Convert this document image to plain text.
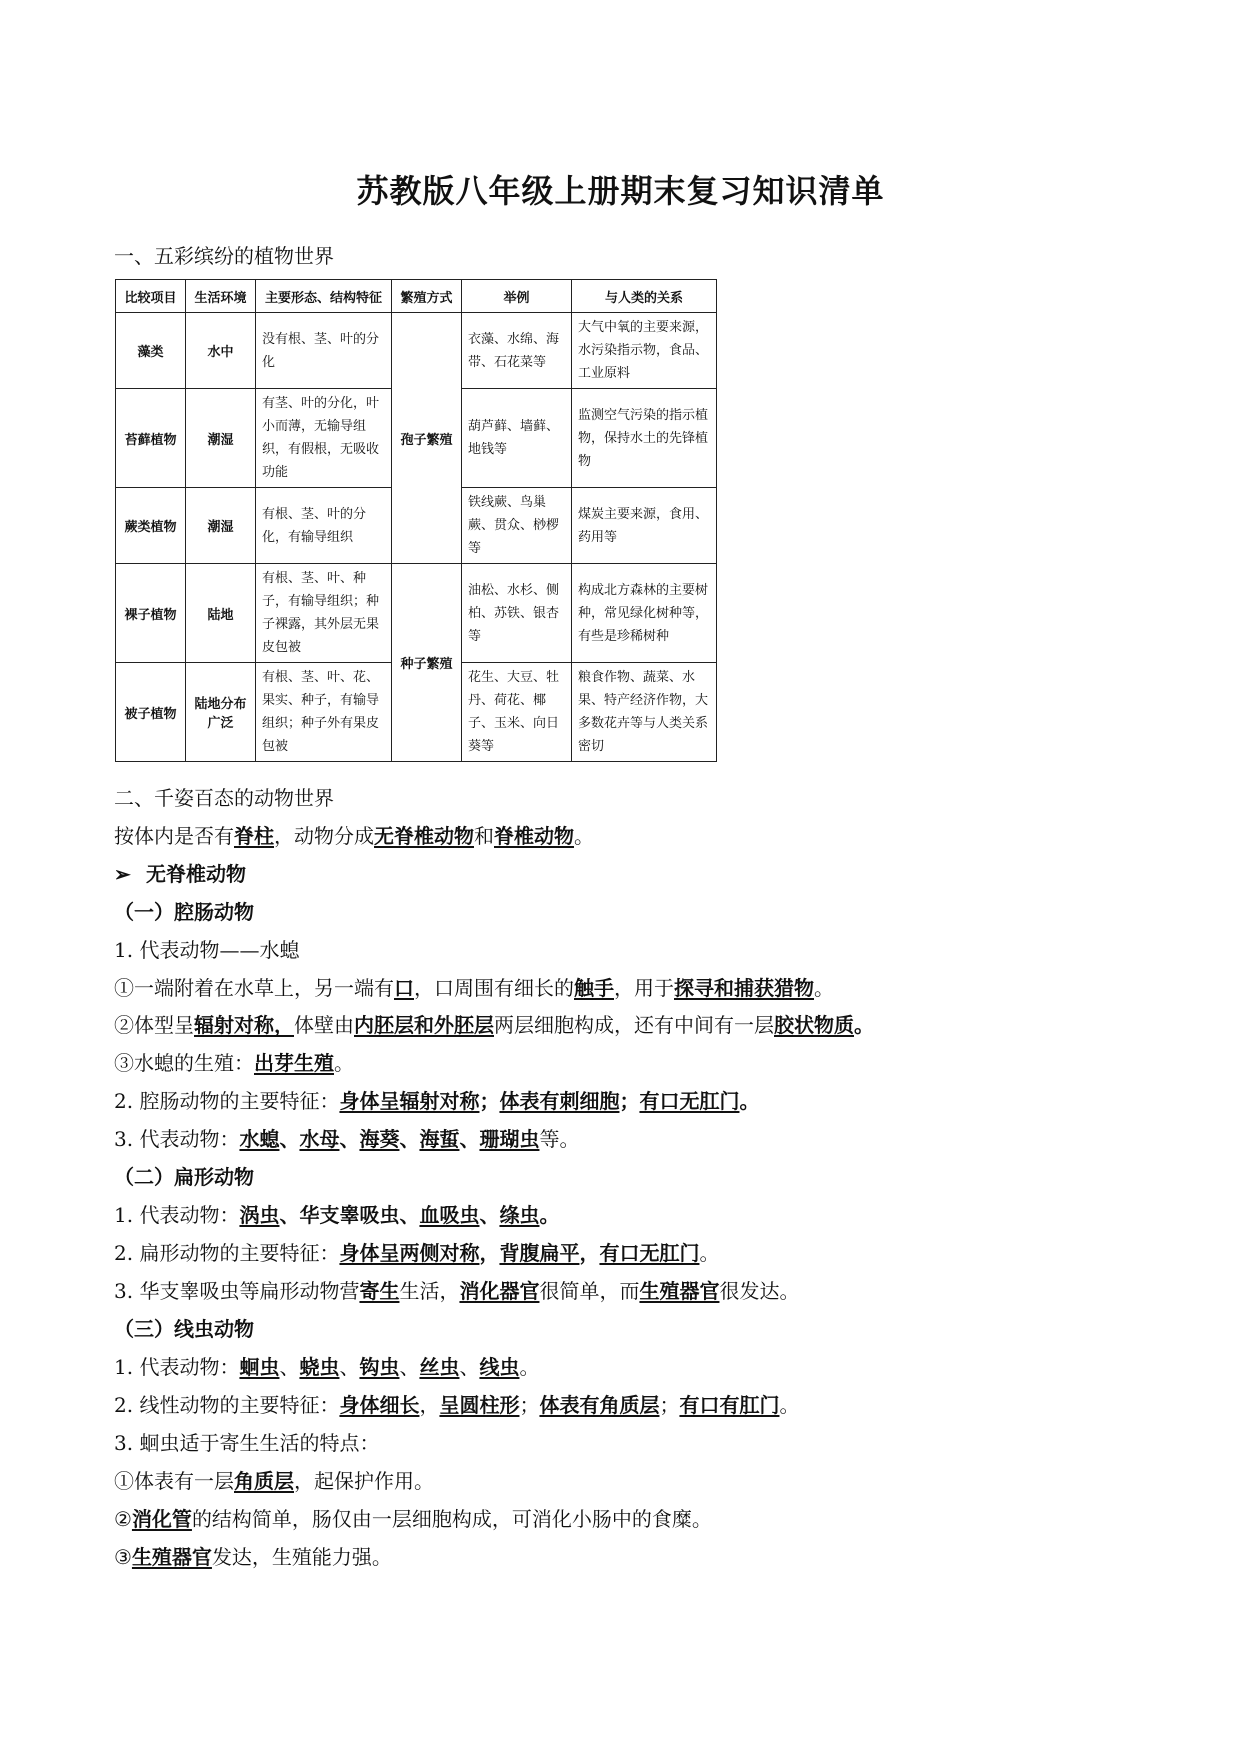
苏教版八年级上册期末复习知识清单
一、五彩缤纷的植物世界
比较项目	生活环境	主要形态、结构特征	繁殖方式	举例	与人类的关系
藻类	水中	没有根、茎、叶的分化	孢子繁殖	衣藻、水绵、海带、石花菜等	大气中氧的主要来源，水污染指示物，食品、工业原料
苔藓植物	潮湿	有茎、叶的分化，叶小而薄，无输导组织，有假根，无吸收功能		葫芦藓、墙藓、地钱等	监测空气污染的指示植物，保持水土的先锋植物
蕨类植物	潮湿	有根、茎、叶的分化，有输导组织		铁线蕨、鸟巢蕨、贯众、桫椤等	煤炭主要来源，食用、药用等
裸子植物	陆地	有根、茎、叶、种子，有输导组织；种子裸露，其外层无果皮包被	种子繁殖	油松、水杉、侧柏、苏铁、银杏等	构成北方森林的主要树种，常见绿化树种等，有些是珍稀树种
被子植物	陆地分布广泛	有根、茎、叶、花、果实、种子，有输导组织；种子外有果皮包被		花生、大豆、牡丹、荷花、椰子、玉米、向日葵等	粮食作物、蔬菜、水果、特产经济作物，大多数花卉等与人类关系密切
二、千姿百态的动物世界
按体内是否有脊柱，动物分成无脊椎动物和脊椎动物。
➢ 无脊椎动物
（一）腔肠动物
1. 代表动物——水螅
①一端附着在水草上，另一端有口，口周围有细长的触手，用于探寻和捕获猎物。
②体型呈辐射对称，体壁由内胚层和外胚层两层细胞构成，还有中间有一层胶状物质。
③水螅的生殖：出芽生殖。
2. 腔肠动物的主要特征：身体呈辐射对称；体表有刺细胞；有口无肛门。
3. 代表动物：水螅、水母、海葵、海蜇、珊瑚虫等。
（二）扁形动物
1. 代表动物：涡虫、华支睾吸虫、血吸虫、绦虫。
2. 扁形动物的主要特征：身体呈两侧对称，背腹扁平，有口无肛门。
3. 华支睾吸虫等扁形动物营寄生生活，消化器官很简单，而生殖器官很发达。
（三）线虫动物
1. 代表动物：蛔虫、蛲虫、钩虫、丝虫、线虫。
2. 线性动物的主要特征：身体细长，呈圆柱形；体表有角质层；有口有肛门。
3. 蛔虫适于寄生生活的特点：
①体表有一层角质层，起保护作用。
②消化管的结构简单，肠仅由一层细胞构成，可消化小肠中的食糜。
③生殖器官发达，生殖能力强。
